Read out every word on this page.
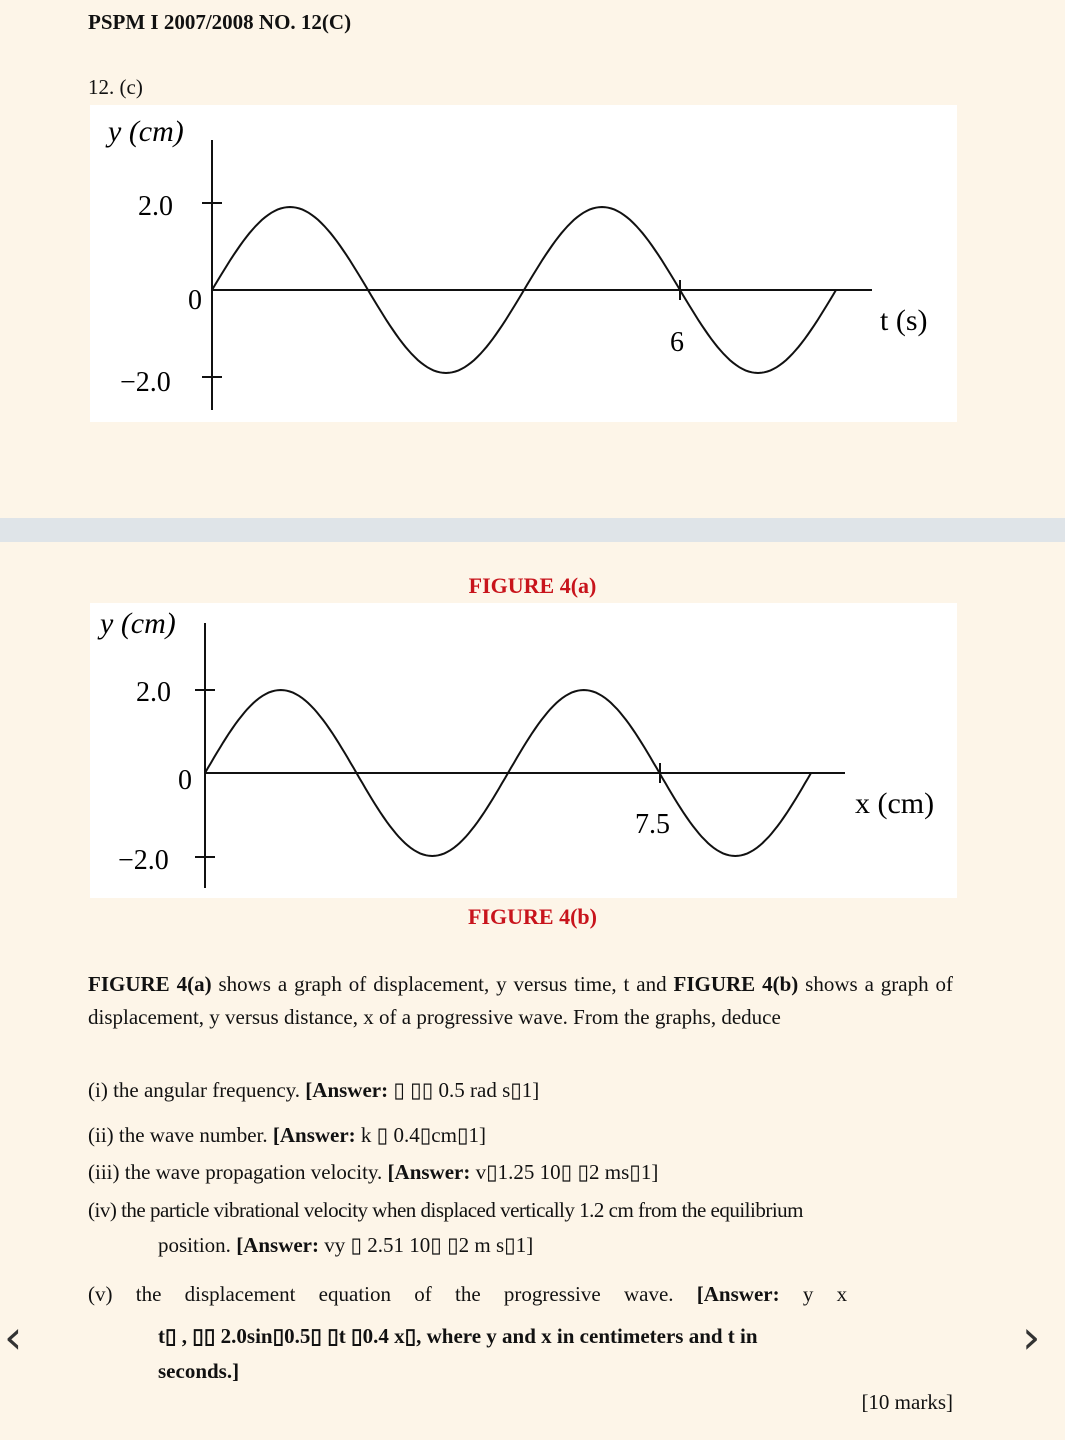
PSPM I 2007/2008 NO. 12(C)
12. (c)
y (cm)
2.0
0
−2.0
t (s)
6
FIGURE 4(a)
y (cm)
2.0
0
−2.0
x (cm)
7.5
FIGURE 4(b)
FIGURE 4(a) shows a graph of displacement, y versus time, t and FIGURE 4(b) shows a graph of displacement, y versus distance, x of a progressive wave. From the graphs, deduce
(i) the angular frequency. [Answer: ▯ ▯▯ 0.5 rad s▯1]
(ii) the wave number. [Answer: k ▯ 0.4▯cm▯1]
(iii) the wave propagation velocity. [Answer: v▯1.25 10▯ ▯2 ms▯1]
(iv) the particle vibrational velocity when displaced vertically 1.2 cm from the equilibrium
position. [Answer: vy ▯ 2.51 10▯ ▯2 m s▯1]
(v) the displacement equation of the progressive wave. [Answer: y x
t▯ , ▯▯ 2.0sin▯0.5▯ ▯t ▯0.4 x▯, where y and x in centimeters and t in
seconds.]
[10 marks]
‹	›
